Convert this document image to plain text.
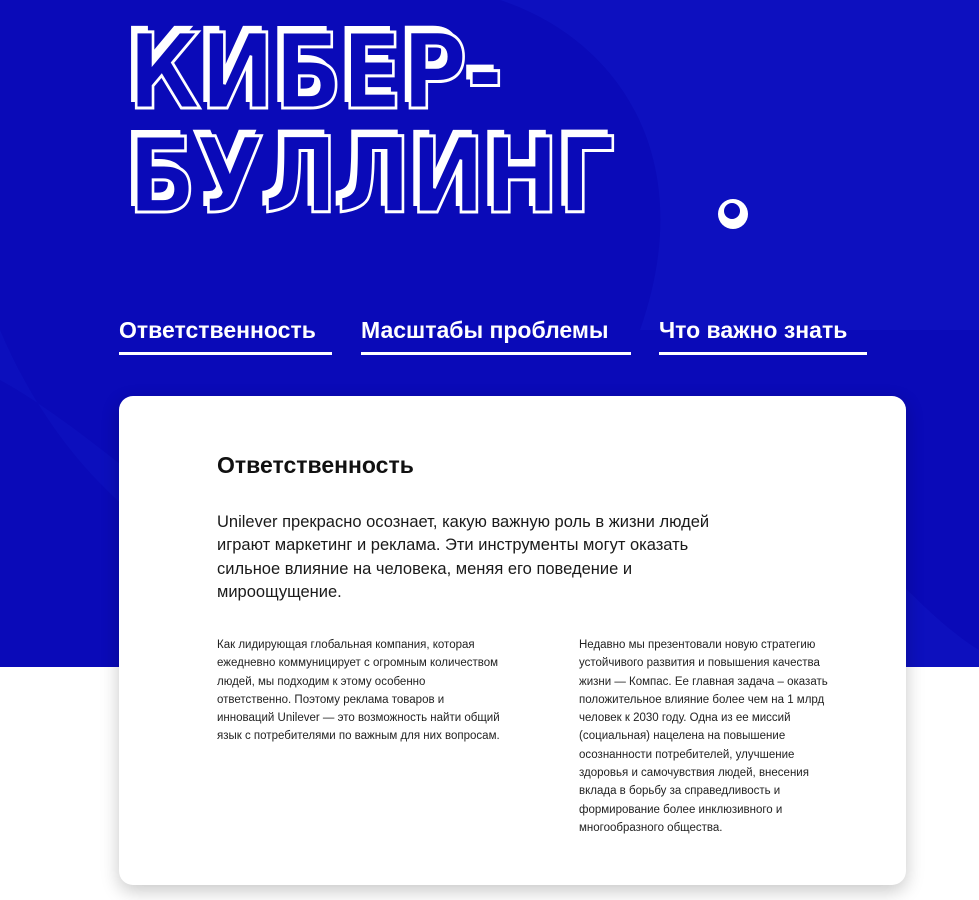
КИБЕР-
БУЛЛИНГ
Ответственность	Масштабы проблемы	Что важно знать
Ответственность

Unilever прекрасно осознает, какую важную роль в жизни людей играют маркетинг и реклама. Эти инструменты могут оказать сильное влияние на человека, меняя его поведение и мироощущение.

Как лидирующая глобальная компания, которая ежедневно коммуницирует с огромным количеством людей, мы подходим к этому особенно ответственно. Поэтому реклама товаров и инноваций Unilever — это возможность найти общий язык с потребителями по важным для них вопросам.

Недавно мы презентовали новую стратегию устойчивого развития и повышения качества жизни — Компас. Ее главная задача – оказать положительное влияние более чем на 1 млрд человек к 2030 году. Одна из ее миссий (социальная) нацелена на повышение осознанности потребителей, улучшение здоровья и самочувствия людей, внесения вклада в борьбу за справедливость и формирование более инклюзивного и многообразного общества.
